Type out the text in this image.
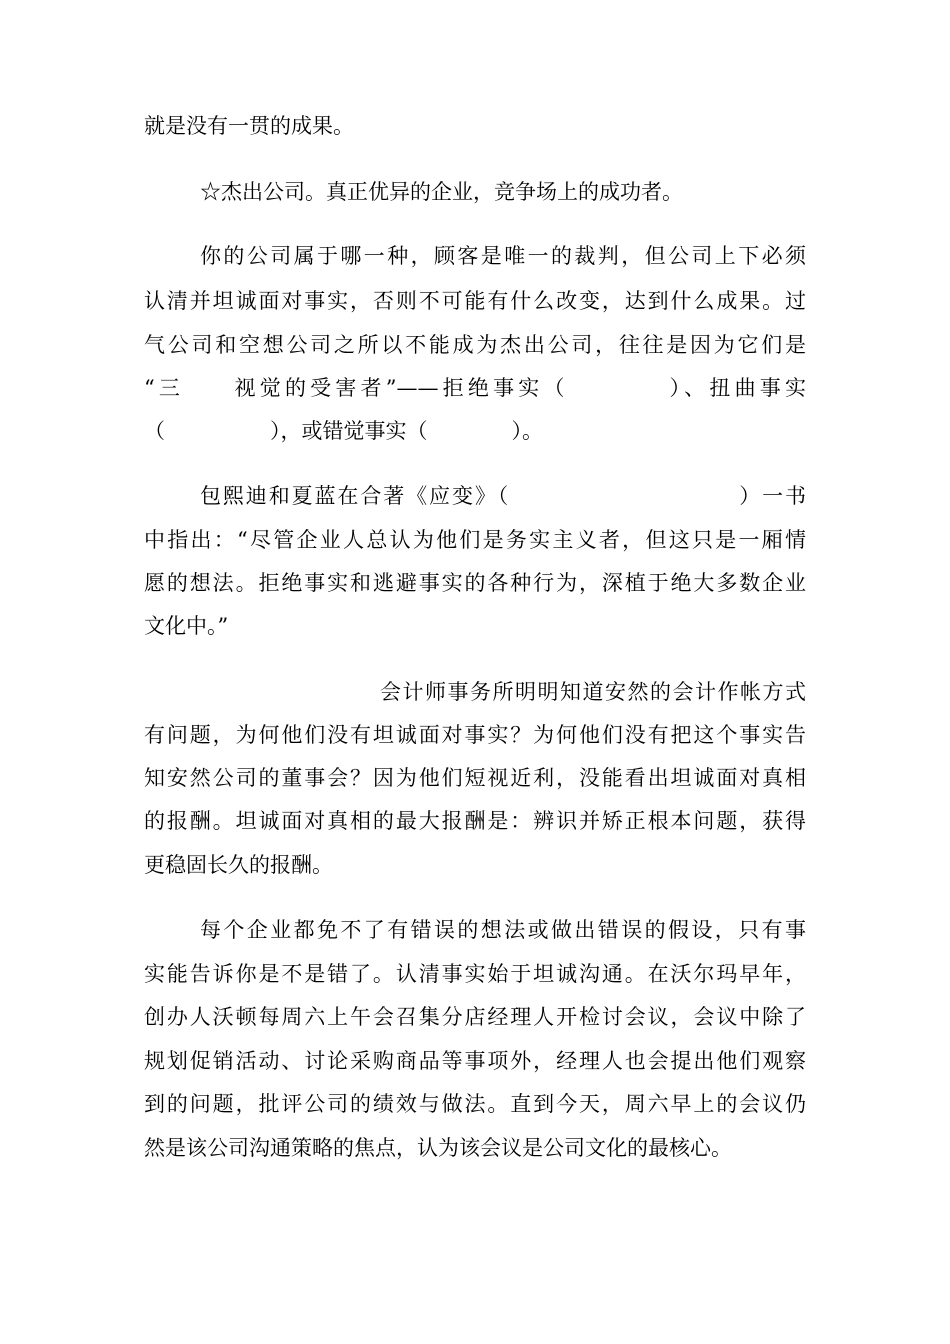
就是没有一贯的成果。
☆杰出公司。真正优异的企业，竞争场上的成功者。
你的公司属于哪一种，顾客是唯一的裁判，但公司上下必须
认清并坦诚面对事实，否则不可能有什么改变，达到什么成果。过
气公司和空想公司之所以不能成为杰出公司，往往是因为它们是
“三　　视觉的受害者”——拒绝事实（　　　　）、扭曲事实
（　　　　　），或错觉事实（　　　　）。
包熙迪和夏蓝在合著《应变》（　　　　　　　　　　）一书
中指出：“尽管企业人总认为他们是务实主义者，但这只是一厢情
愿的想法。拒绝事实和逃避事实的各种行为，深植于绝大多数企业
文化中。”
会计师事务所明明知道安然的会计作帐方式
有问题，为何他们没有坦诚面对事实？为何他们没有把这个事实告
知安然公司的董事会？因为他们短视近利，没能看出坦诚面对真相
的报酬。坦诚面对真相的最大报酬是：辨识并矫正根本问题，获得
更稳固长久的报酬。
每个企业都免不了有错误的想法或做出错误的假设，只有事
实能告诉你是不是错了。认清事实始于坦诚沟通。在沃尔玛早年，
创办人沃顿每周六上午会召集分店经理人开检讨会议，会议中除了
规划促销活动、讨论采购商品等事项外，经理人也会提出他们观察
到的问题，批评公司的绩效与做法。直到今天，周六早上的会议仍
然是该公司沟通策略的焦点，认为该会议是公司文化的最核心。
